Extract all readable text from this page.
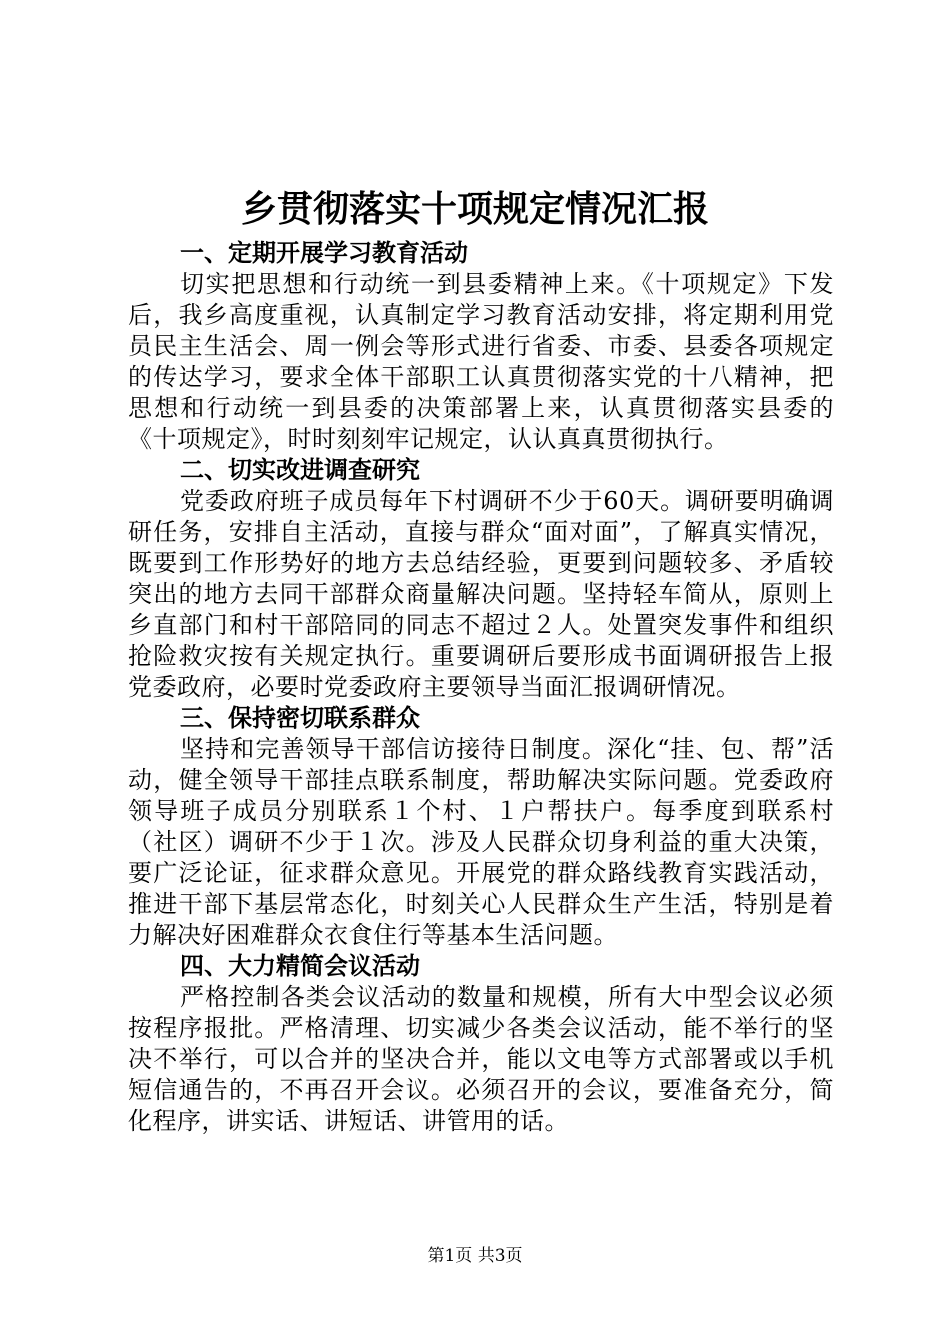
乡贯彻落实十项规定情况汇报
一、定期开展学习教育活动

切实把思想和行动统一到县委精神上来。《十项规定》下发后，我乡高度重视，认真制定学习教育活动安排，将定期利用党员民主生活会、周一例会等形式进行省委、市委、县委各项规定的传达学习，要求全体干部职工认真贯彻落实党的十八精神，把思想和行动统一到县委的决策部署上来，认真贯彻落实县委的《十项规定》，时时刻刻牢记规定，认认真真贯彻执行。

二、切实改进调查研究

党委政府班子成员每年下村调研不少于60天。调研要明确调研任务，安排自主活动，直接与群众“面对面”，了解真实情况，既要到工作形势好的地方去总结经验，更要到问题较多、矛盾较突出的地方去同干部群众商量解决问题。坚持轻车简从，原则上乡直部门和村干部陪同的同志不超过２人。处置突发事件和组织抢险救灾按有关规定执行。重要调研后要形成书面调研报告上报党委政府，必要时党委政府主要领导当面汇报调研情况。

三、保持密切联系群众

坚持和完善领导干部信访接待日制度。深化“挂、包、帮”活动，健全领导干部挂点联系制度，帮助解决实际问题。党委政府领导班子成员分别联系１个村、１户帮扶户。每季度到联系村（社区）调研不少于１次。涉及人民群众切身利益的重大决策，要广泛论证，征求群众意见。开展党的群众路线教育实践活动，推进干部下基层常态化，时刻关心人民群众生产生活，特别是着力解决好困难群众衣食住行等基本生活问题。

四、大力精简会议活动

严格控制各类会议活动的数量和规模，所有大中型会议必须按程序报批。严格清理、切实减少各类会议活动，能不举行的坚决不举行，可以合并的坚决合并，能以文电等方式部署或以手机短信通告的，不再召开会议。必须召开的会议，要准备充分，简化程序，讲实话、讲短话、讲管用的话。

第1页 共3页
